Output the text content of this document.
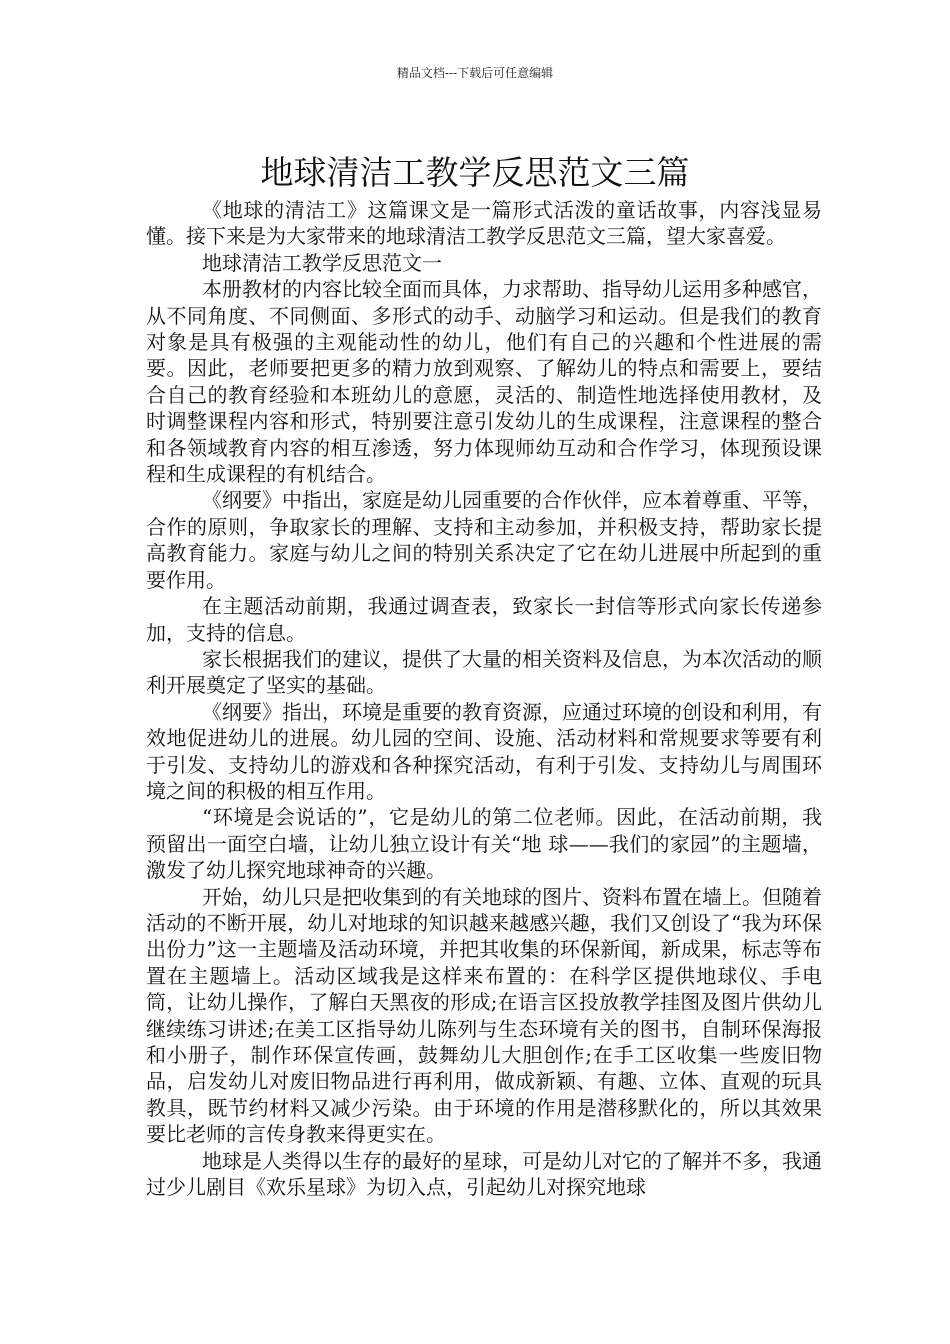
精品文档---下载后可任意编辑
地球清洁工教学反思范文三篇

《地球的清洁工》这篇课文是一篇形式活泼的童话故事，内容浅显易懂。接下来是为大家带来的地球清洁工教学反思范文三篇，望大家喜爱。

地球清洁工教学反思范文一

本册教材的内容比较全面而具体，力求帮助、指导幼儿运用多种感官，从不同角度、不同侧面、多形式的动手、动脑学习和运动。但是我们的教育对象是具有极强的主观能动性的幼儿，他们有自己的兴趣和个性进展的需要。因此，老师要把更多的精力放到观察、了解幼儿的特点和需要上，要结合自己的教育经验和本班幼儿的意愿，灵活的、制造性地选择使用教材，及时调整课程内容和形式，特别要注意引发幼儿的生成课程，注意课程的整合和各领域教育内容的相互渗透，努力体现师幼互动和合作学习，体现预设课程和生成课程的有机结合。

《纲要》中指出，家庭是幼儿园重要的合作伙伴，应本着尊重、平等，合作的原则，争取家长的理解、支持和主动参加，并积极支持，帮助家长提高教育能力。家庭与幼儿之间的特别关系决定了它在幼儿进展中所起到的重要作用。

在主题活动前期，我通过调查表，致家长一封信等形式向家长传递参加，支持的信息。

家长根据我们的建议，提供了大量的相关资料及信息，为本次活动的顺利开展奠定了坚实的基础。

《纲要》指出，环境是重要的教育资源，应通过环境的创设和利用，有效地促进幼儿的进展。幼儿园的空间、设施、活动材料和常规要求等要有利于引发、支持幼儿的游戏和各种探究活动，有利于引发、支持幼儿与周围环境之间的积极的相互作用。

“环境是会说话的”，它是幼儿的第二位老师。因此，在活动前期，我预留出一面空白墙，让幼儿独立设计有关“地 球——我们的家园”的主题墙，激发了幼儿探究地球神奇的兴趣。

开始，幼儿只是把收集到的有关地球的图片、资料布置在墙上。但随着活动的不断开展，幼儿对地球的知识越来越感兴趣，我们又创设了“我为环保出份力”这一主题墙及活动环境，并把其收集的环保新闻，新成果，标志等布置在主题墙上。活动区域我是这样来布置的：在科学区提供地球仪、手电筒，让幼儿操作，了解白天黑夜的形成;在语言区投放教学挂图及图片供幼儿继续练习讲述;在美工区指导幼儿陈列与生态环境有关的图书，自制环保海报和小册子，制作环保宣传画，鼓舞幼儿大胆创作;在手工区收集一些废旧物品，启发幼儿对废旧物品进行再利用，做成新颖、有趣、立体、直观的玩具教具，既节约材料又减少污染。由于环境的作用是潜移默化的，所以其效果要比老师的言传身教来得更实在。

地球是人类得以生存的最好的星球，可是幼儿对它的了解并不多，我通过少儿剧目《欢乐星球》为切入点，引起幼儿对探究地球
